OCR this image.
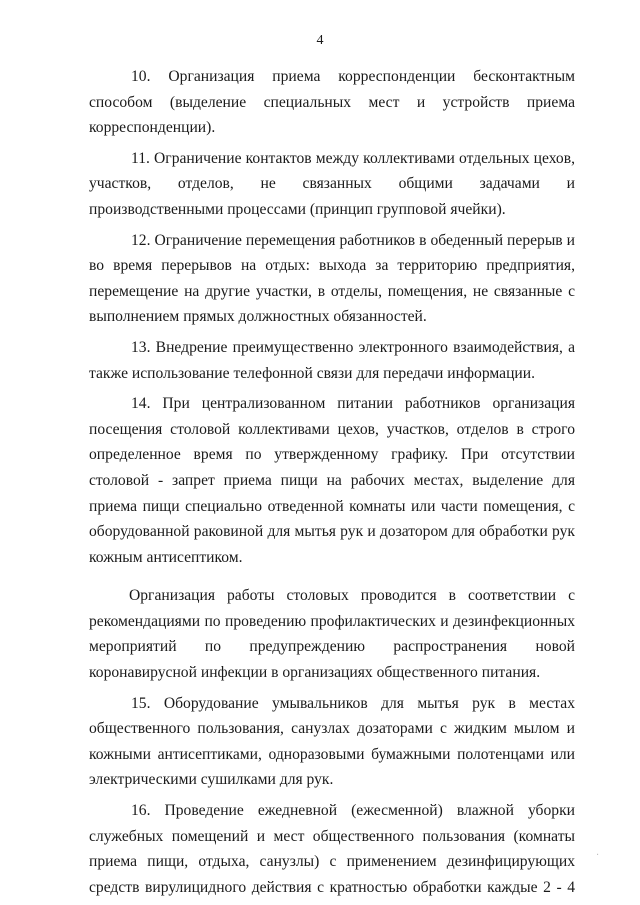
4

10. Организация приема корреспонденции бесконтактным способом (выделение специальных мест и устройств приема корреспонденции).

11. Ограничение контактов между коллективами отдельных цехов, участков, отделов, не связанных общими задачами и производственными процессами (принцип групповой ячейки).

12. Ограничение перемещения работников в обеденный перерыв и во время перерывов на отдых: выхода за территорию предприятия, перемещение на другие участки, в отделы, помещения, не связанные с выполнением прямых должностных обязанностей.

13. Внедрение преимущественно электронного взаимодействия, а также использование телефонной связи для передачи информации.

14. При централизованном питании работников организация посещения столовой коллективами цехов, участков, отделов в строго определенное время по утвержденному графику. При отсутствии столовой - запрет приема пищи на рабочих местах, выделение для приема пищи специально отведенной комнаты или части помещения, с оборудованной раковиной для мытья рук и дозатором для обработки рук кожным антисептиком.

Организация работы столовых проводится в соответствии с рекомендациями по проведению профилактических и дезинфекционных мероприятий по предупреждению распространения новой коронавирусной инфекции в организациях общественного питания.

15. Оборудование умывальников для мытья рук в местах общественного пользования, санузлах дозаторами с жидким мылом и кожными антисептиками, одноразовыми бумажными полотенцами или электрическими сушилками для рук.

16. Проведение ежедневной (ежесменной) влажной уборки служебных помещений и мест общественного пользования (комнаты приема пищи, отдыха, санузлы) с применением дезинфицирующих средств вирулицидного действия с кратностью обработки каждые 2 - 4

·
